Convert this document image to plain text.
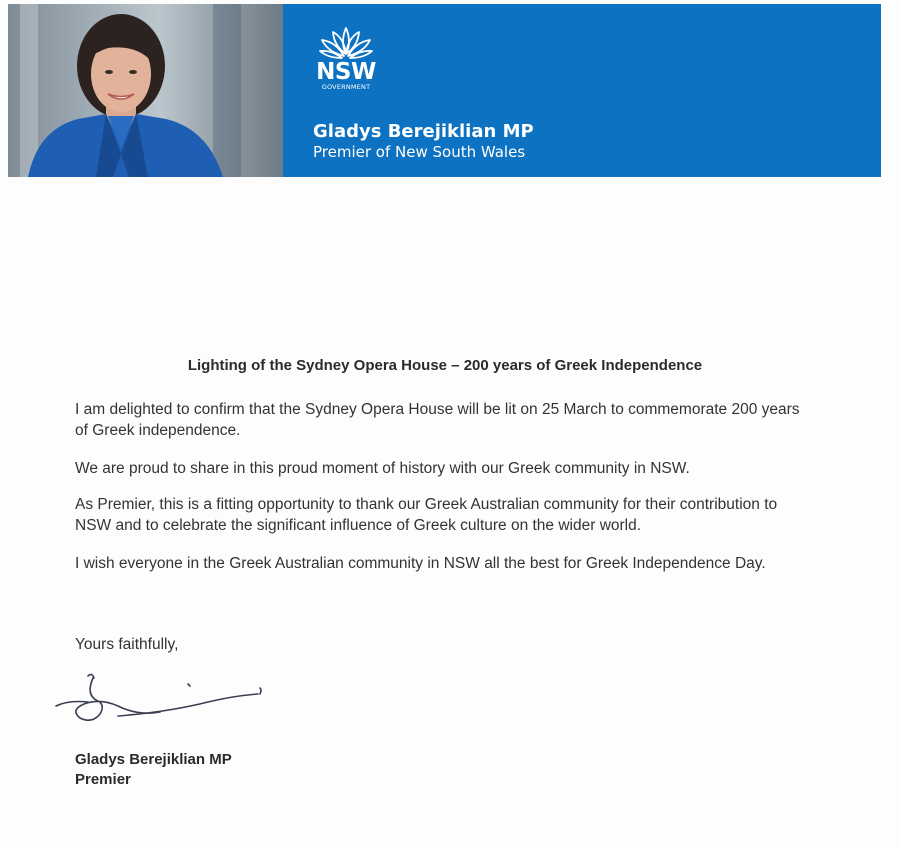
NSW
GOVERNMENT
Gladys Berejiklian MP
Premier of New South Wales
Lighting of the Sydney Opera House – 200 years of Greek Independence
I am delighted to confirm that the Sydney Opera House will be lit on 25 March to commemorate 200 years of Greek independence.
We are proud to share in this proud moment of history with our Greek community in NSW.
As Premier, this is a fitting opportunity to thank our Greek Australian community for their contribution to NSW and to celebrate the significant influence of Greek culture on the wider world.
I wish everyone in the Greek Australian community in NSW all the best for Greek Independence Day.
Yours faithfully,
Gladys Berejiklian MP
Premier
